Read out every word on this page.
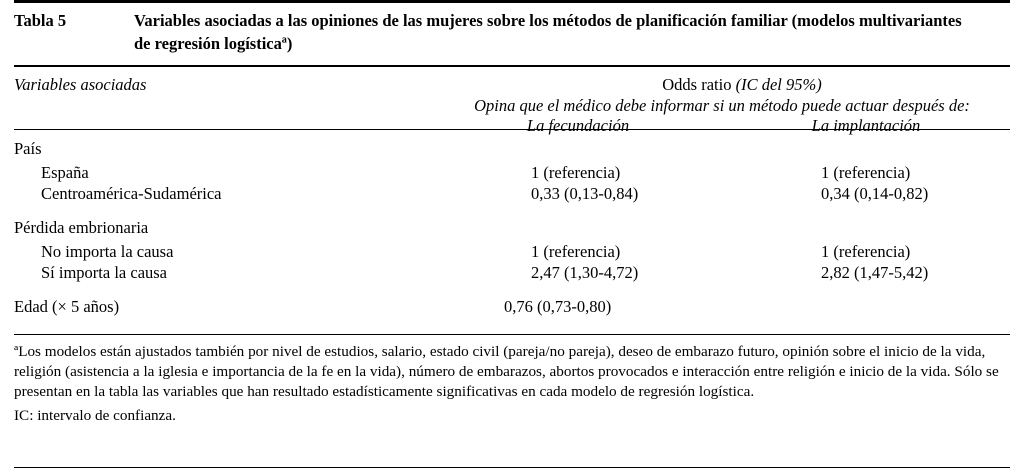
Tabla 5	Variables asociadas a las opiniones de las mujeres sobre los métodos de planificación familiar (modelos multivariantes de regresión logísticaª)
Variables asociadas	Odds ratio (IC del 95%)
Opina que el médico debe informar si un método puede actuar después de:
La fecundación	La implantación
País
España	1 (referencia)	1 (referencia)
Centroamérica-Sudamérica	0,33 (0,13-0,84)	0,34 (0,14-0,82)
Pérdida embrionaria
No importa la causa	1 (referencia)	1 (referencia)
Sí importa la causa	2,47 (1,30-4,72)	2,82 (1,47-5,42)
Edad (× 5 años)	0,76 (0,73-0,80)

ªLos modelos están ajustados también por nivel de estudios, salario, estado civil (pareja/no pareja), deseo de embarazo futuro, opinión sobre el inicio de la vida, religión (asistencia a la iglesia e importancia de la fe en la vida), número de embarazos, abortos provocados e interacción entre religión e inicio de la vida. Sólo se presentan en la tabla las variables que han resultado estadísticamente significativas en cada modelo de regresión logística.

IC: intervalo de confianza.
